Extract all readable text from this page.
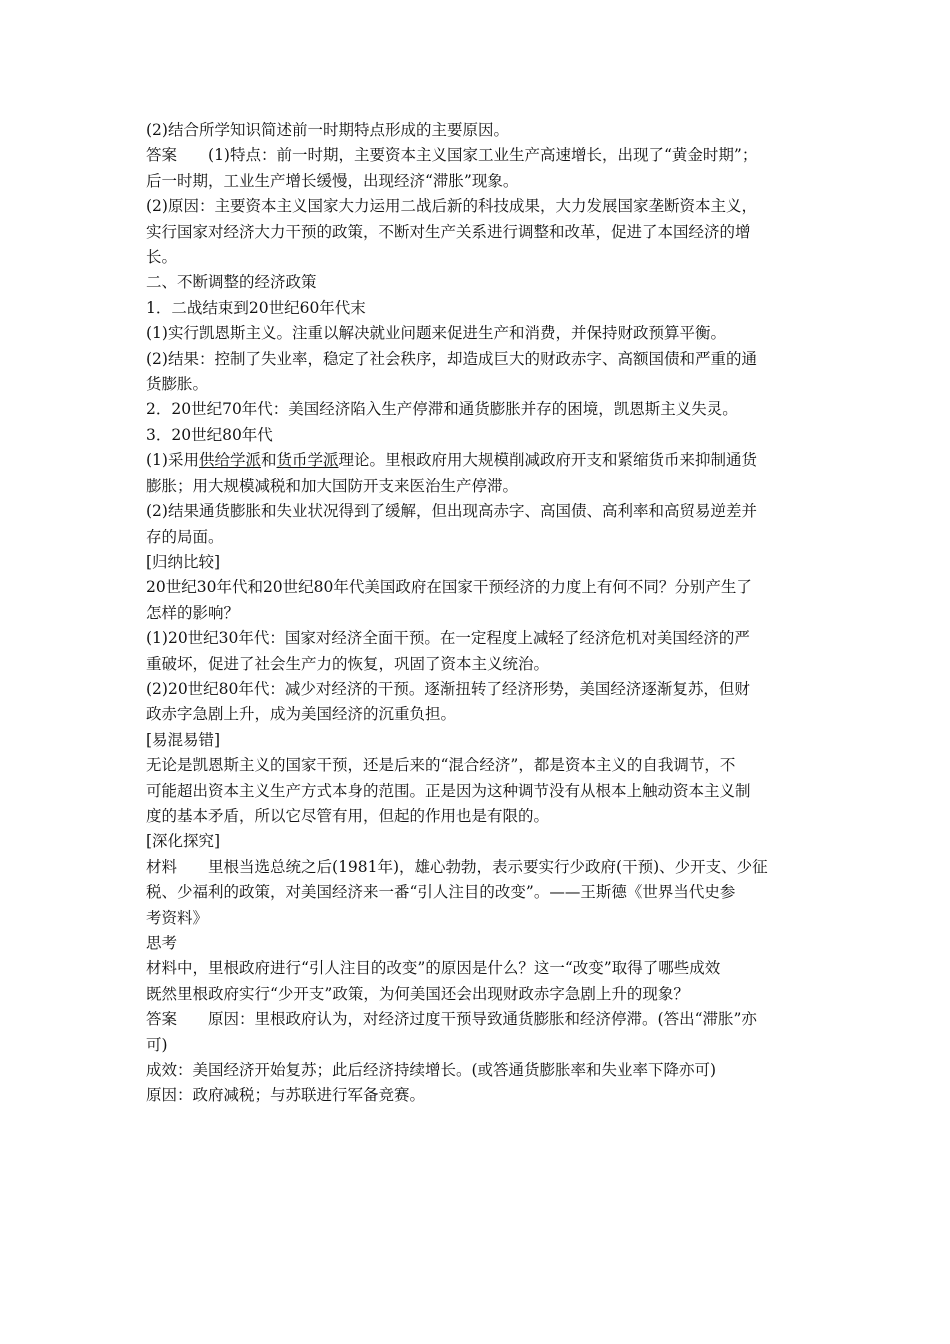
(2)结合所学知识简述前一时期特点形成的主要原因。

答案 (1)特点：前一时期，主要资本主义国家工业生产高速增长，出现了“黄金时期”；

后一时期，工业生产增长缓慢，出现经济“滞胀”现象。

(2)原因：主要资本主义国家大力运用二战后新的科技成果，大力发展国家垄断资本主义，

实行国家对经济大力干预的政策，不断对生产关系进行调整和改革，促进了本国经济的增

长。

二、不断调整的经济政策

1．二战结束到20世纪60年代末

(1)实行凯恩斯主义。注重以解决就业问题来促进生产和消费，并保持财政预算平衡。

(2)结果：控制了失业率，稳定了社会秩序，却造成巨大的财政赤字、高额国债和严重的通

货膨胀。

2．20世纪70年代：美国经济陷入生产停滞和通货膨胀并存的困境，凯恩斯主义失灵。

3．20世纪80年代

(1)采用供给学派和货币学派理论。里根政府用大规模削减政府开支和紧缩货币来抑制通货

膨胀；用大规模减税和加大国防开支来医治生产停滞。

(2)结果通货膨胀和失业状况得到了缓解，但出现高赤字、高国债、高利率和高贸易逆差并

存的局面。

[归纳比较]

20世纪30年代和20世纪80年代美国政府在国家干预经济的力度上有何不同？分别产生了

怎样的影响？

(1)20世纪30年代：国家对经济全面干预。在一定程度上减轻了经济危机对美国经济的严

重破坏，促进了社会生产力的恢复，巩固了资本主义统治。

(2)20世纪80年代：减少对经济的干预。逐渐扭转了经济形势，美国经济逐渐复苏，但财

政赤字急剧上升，成为美国经济的沉重负担。

[易混易错]

无论是凯恩斯主义的国家干预，还是后来的“混合经济”，都是资本主义的自我调节，不

可能超出资本主义生产方式本身的范围。正是因为这种调节没有从根本上触动资本主义制

度的基本矛盾，所以它尽管有用，但起的作用也是有限的。

[深化探究]

材料 里根当选总统之后(1981年)，雄心勃勃，表示要实行少政府(干预)、少开支、少征

税、少福利的政策，对美国经济来一番“引人注目的改变”。——王斯德《世界当代史参

考资料》

思考

材料中，里根政府进行“引人注目的改变”的原因是什么？这一“改变”取得了哪些成效

既然里根政府实行“少开支”政策，为何美国还会出现财政赤字急剧上升的现象？

答案 原因：里根政府认为，对经济过度干预导致通货膨胀和经济停滞。(答出“滞胀”亦

可)

成效：美国经济开始复苏；此后经济持续增长。(或答通货膨胀率和失业率下降亦可)

原因：政府减税；与苏联进行军备竞赛。
